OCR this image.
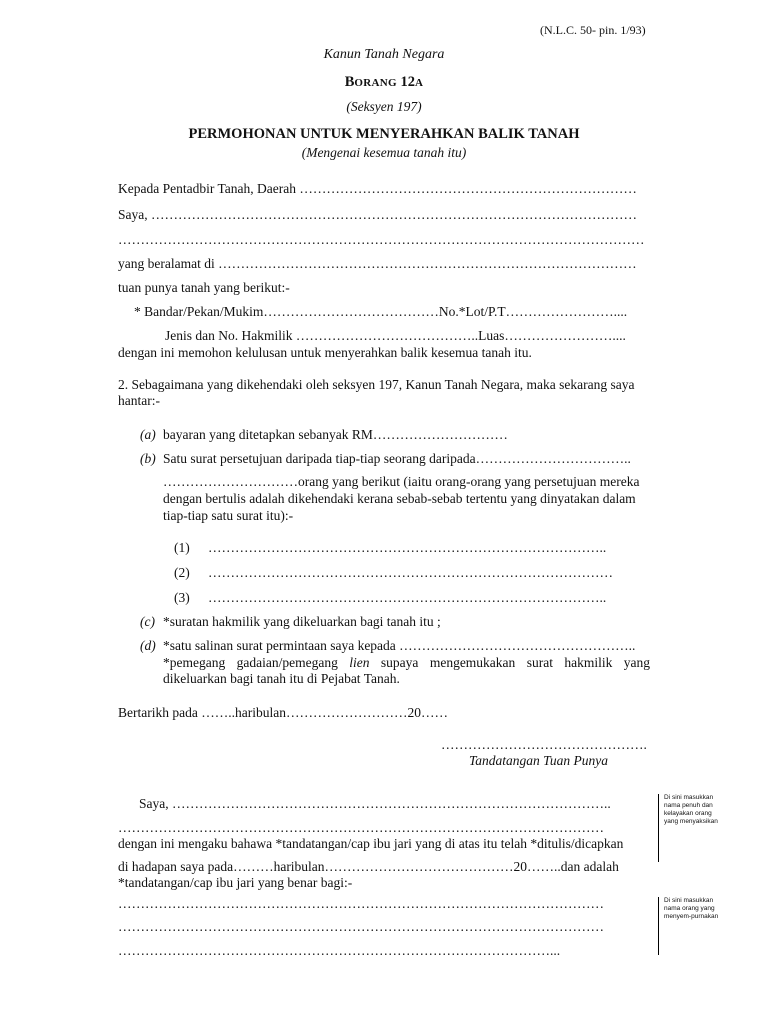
(N.L.C. 50- pin. 1/93)
Kanun Tanah Negara
BORANG 12A
(Seksyen 197)
PERMOHONAN UNTUK MENYERAHKAN BALIK TANAH
(Mengenai kesemua tanah itu)
Kepada Pentadbir Tanah, Daerah …………………………………………………………………
Saya, ………………………………………………………………………………………………
………………………………………………………………………………………………………
yang beralamat di …………………………………………………………………………………
tuan punya tanah yang berikut:-
* Bandar/Pekan/Mukim…………………………………No.*Lot/P.T……………………....
Jenis dan No. Hakmilik …………………………………..Luas……………………....
dengan ini memohon kelulusan untuk menyerahkan balik kesemua tanah itu.
2. Sebagaimana yang dikehendaki oleh seksyen 197, Kanun Tanah Negara, maka sekarang saya
hantar:-
(a) bayaran yang ditetapkan sebanyak RM…………………………
(b) Satu surat persetujuan daripada tiap-tiap seorang daripada……………………………..
…………………………orang yang berikut (iaitu orang-orang yang persetujuan mereka
dengan bertulis adalah dikehendaki kerana sebab-sebab tertentu yang dinyatakan dalam
tiap-tiap satu surat itu):-
(1) ……………………………………………………………………………..
(2) ………………………………………………………………………………
(3) ……………………………………………………………………………..
(c) *suratan hakmilik yang dikeluarkan bagi tanah itu ;
(d) *satu salinan surat permintaan saya kepada ……………………………………………..
*pemegang gadaian/pemegang lien supaya mengemukakan surat hakmilik yang
dikeluarkan bagi tanah itu di Pejabat Tanah.
Bertarikh pada ……..haribulan………………………20……
……………………………………….
Tandatangan Tuan Punya
Saya, ……………………………………………………………………………………..
………………………………………………………………………………………………
dengan ini mengaku bahawa *tandatangan/cap ibu jari yang di atas itu telah *ditulis/dicapkan
di hadapan saya pada………haribulan……………………………………20……..dan adalah
*tandatangan/cap ibu jari yang benar bagi:-
………………………………………………………………………………………………
………………………………………………………………………………………………
……………………………………………………………………………………...
Di sini masukkan nama penuh dan kelayakan orang yang menyaksikan
Di sini masukkan nama orang yang menyem-purnakan
